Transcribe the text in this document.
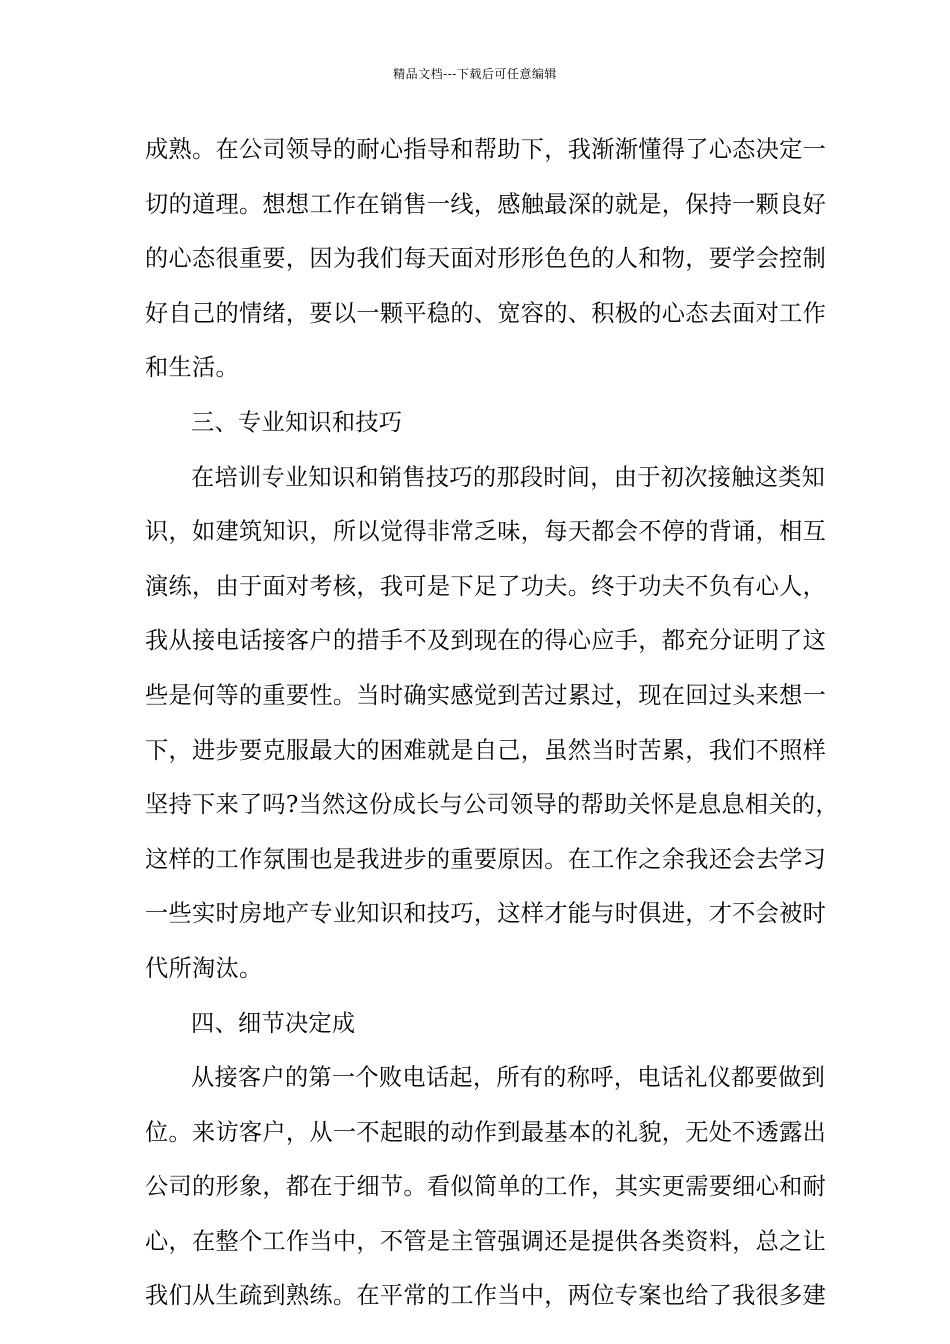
精品文档---下载后可任意编辑
成熟。在公司领导的耐心指导和帮助下，我渐渐懂得了心态决定一
切的道理。想想工作在销售一线，感触最深的就是，保持一颗良好
的心态很重要，因为我们每天面对形形色色的人和物，要学会控制
好自己的情绪，要以一颗平稳的、宽容的、积极的心态去面对工作
和生活。
三、专业知识和技巧
在培训专业知识和销售技巧的那段时间，由于初次接触这类知
识，如建筑知识，所以觉得非常乏味，每天都会不停的背诵，相互
演练，由于面对考核，我可是下足了功夫。终于功夫不负有心人，
我从接电话接客户的措手不及到现在的得心应手，都充分证明了这
些是何等的重要性。当时确实感觉到苦过累过，现在回过头来想一
下，进步要克服最大的困难就是自己，虽然当时苦累，我们不照样
坚持下来了吗?当然这份成长与公司领导的帮助关怀是息息相关的，
这样的工作氛围也是我进步的重要原因。在工作之余我还会去学习
一些实时房地产专业知识和技巧，这样才能与时俱进，才不会被时
代所淘汰。
四、细节决定成
从接客户的第一个败电话起，所有的称呼，电话礼仪都要做到
位。来访客户，从一不起眼的动作到最基本的礼貌，无处不透露出
公司的形象，都在于细节。看似简单的工作，其实更需要细心和耐
心，在整个工作当中，不管是主管强调还是提供各类资料，总之让
我们从生疏到熟练。在平常的工作当中，两位专案也给了我很多建
